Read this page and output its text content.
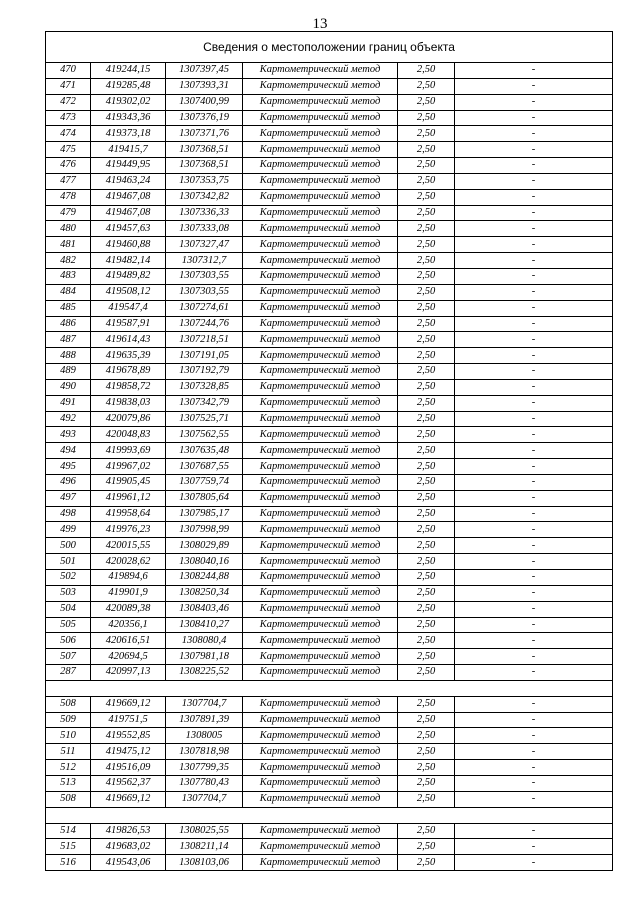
13
Сведения о местоположении границ объекта					
470	419244,15	1307397,45	Картометрический метод	2,50	-
471	419285,48	1307393,31	Картометрический метод	2,50	-
472	419302,02	1307400,99	Картометрический метод	2,50	-
473	419343,36	1307376,19	Картометрический метод	2,50	-
474	419373,18	1307371,76	Картометрический метод	2,50	-
475	419415,7	1307368,51	Картометрический метод	2,50	-
476	419449,95	1307368,51	Картометрический метод	2,50	-
477	419463,24	1307353,75	Картометрический метод	2,50	-
478	419467,08	1307342,82	Картометрический метод	2,50	-
479	419467,08	1307336,33	Картометрический метод	2,50	-
480	419457,63	1307333,08	Картометрический метод	2,50	-
481	419460,88	1307327,47	Картометрический метод	2,50	-
482	419482,14	1307312,7	Картометрический метод	2,50	-
483	419489,82	1307303,55	Картометрический метод	2,50	-
484	419508,12	1307303,55	Картометрический метод	2,50	-
485	419547,4	1307274,61	Картометрический метод	2,50	-
486	419587,91	1307244,76	Картометрический метод	2,50	-
487	419614,43	1307218,51	Картометрический метод	2,50	-
488	419635,39	1307191,05	Картометрический метод	2,50	-
489	419678,89	1307192,79	Картометрический метод	2,50	-
490	419858,72	1307328,85	Картометрический метод	2,50	-
491	419838,03	1307342,79	Картометрический метод	2,50	-
492	420079,86	1307525,71	Картометрический метод	2,50	-
493	420048,83	1307562,55	Картометрический метод	2,50	-
494	419993,69	1307635,48	Картометрический метод	2,50	-
495	419967,02	1307687,55	Картометрический метод	2,50	-
496	419905,45	1307759,74	Картометрический метод	2,50	-
497	419961,12	1307805,64	Картометрический метод	2,50	-
498	419958,64	1307985,17	Картометрический метод	2,50	-
499	419976,23	1307998,99	Картометрический метод	2,50	-
500	420015,55	1308029,89	Картометрический метод	2,50	-
501	420028,62	1308040,16	Картометрический метод	2,50	-
502	419894,6	1308244,88	Картометрический метод	2,50	-
503	419901,9	1308250,34	Картометрический метод	2,50	-
504	420089,38	1308403,46	Картометрический метод	2,50	-
505	420356,1	1308410,27	Картометрический метод	2,50	-
506	420616,51	1308080,4	Картометрический метод	2,50	-
507	420694,5	1307981,18	Картометрический метод	2,50	-
287	420997,13	1308225,52	Картометрический метод	2,50	-

508	419669,12	1307704,7	Картометрический метод	2,50	-
509	419751,5	1307891,39	Картометрический метод	2,50	-
510	419552,85	1308005	Картометрический метод	2,50	-
511	419475,12	1307818,98	Картометрический метод	2,50	-
512	419516,09	1307799,35	Картометрический метод	2,50	-
513	419562,37	1307780,43	Картометрический метод	2,50	-
508	419669,12	1307704,7	Картометрический метод	2,50	-

514	419826,53	1308025,55	Картометрический метод	2,50	-
515	419683,02	1308211,14	Картометрический метод	2,50	-
516	419543,06	1308103,06	Картометрический метод	2,50	-
